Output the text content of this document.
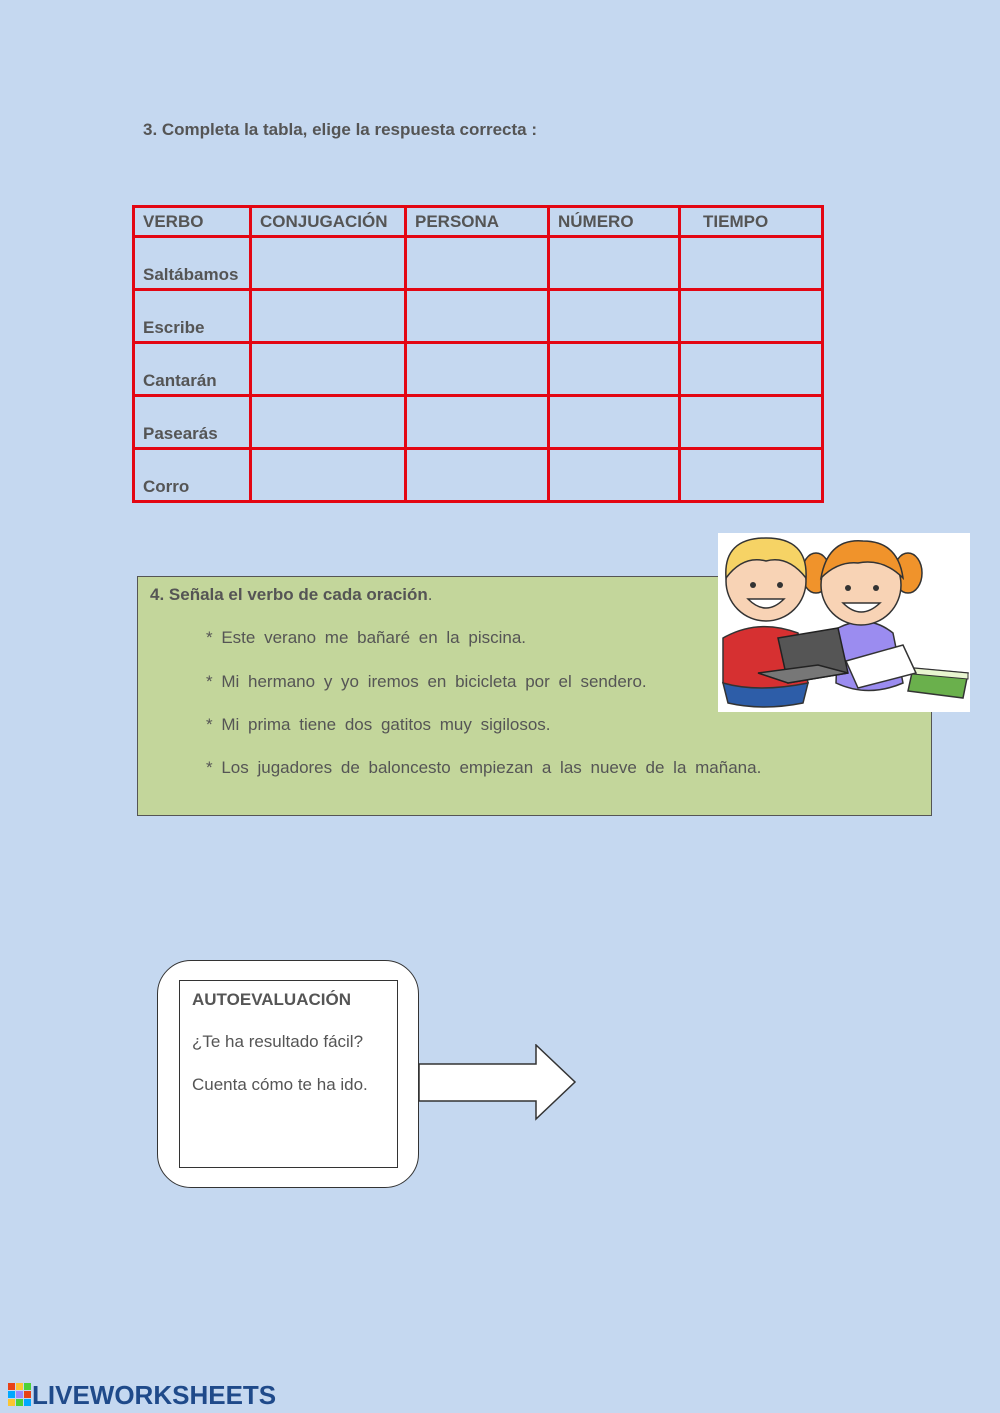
3. Completa la tabla, elige la respuesta correcta :
VERBO	CONJUGACIÓN	PERSONA	NÚMERO	TIEMPO
Saltábamos				
Escribe				
Cantarán				
Pasearás				
Corro				
4. Señala el verbo de cada oración.
* Este verano me bañaré en la piscina.
* Mi hermano y yo iremos en bicicleta por el sendero.
* Mi prima tiene dos gatitos muy sigilosos.
* Los jugadores de baloncesto empiezan a las nueve de la mañana.
AUTOEVALUACIÓN
¿Te ha resultado fácil?
Cuenta cómo te ha ido.
LIVEWORKSHEETS
